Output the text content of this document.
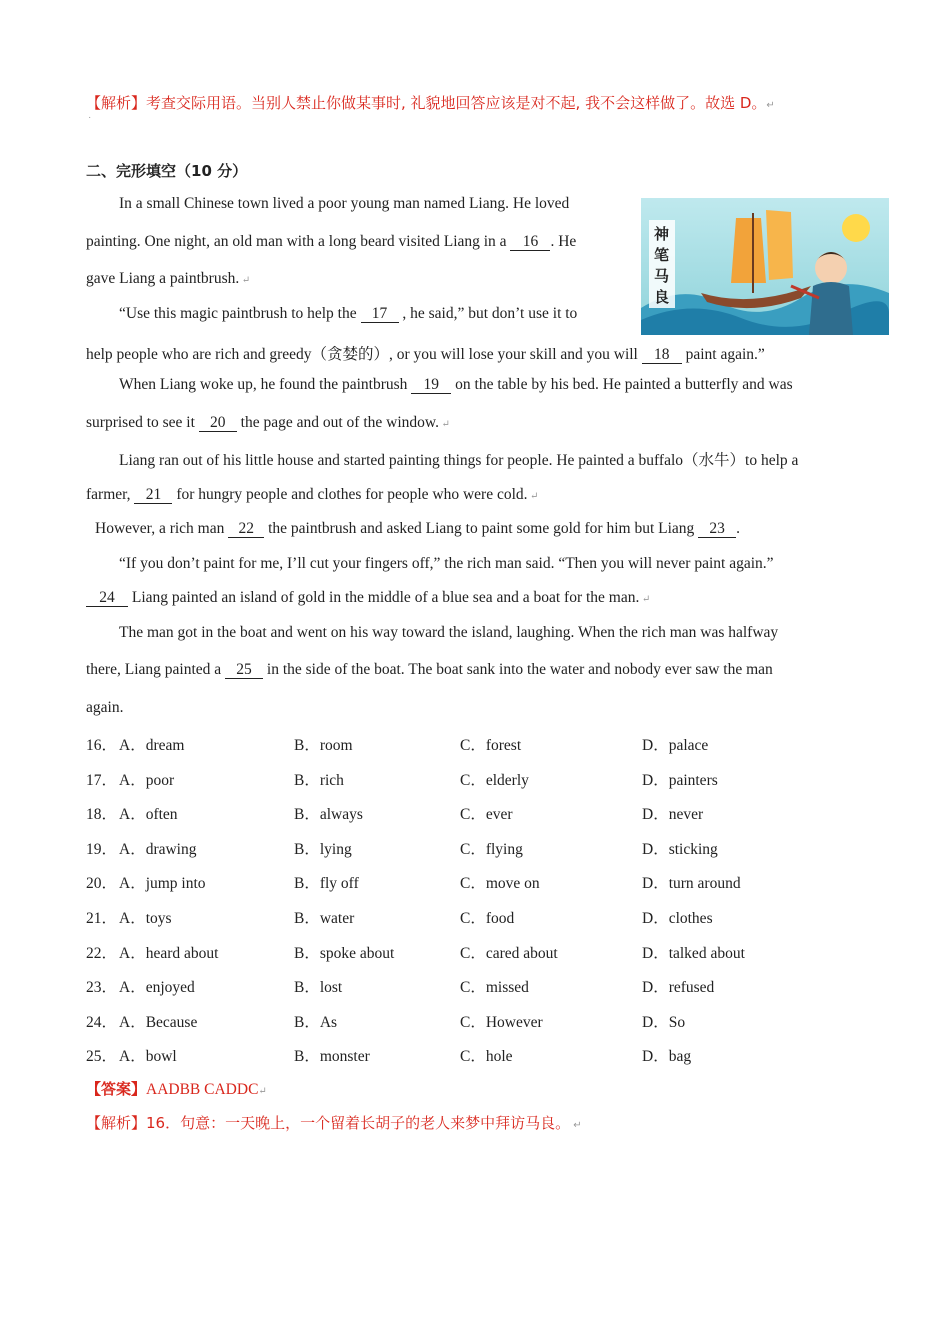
【解析】考查交际用语。当别人禁止你做某事时, 礼貌地回答应该是对不起, 我不会这样做了。故选 D。↵
˙
二、完形填空（10 分）
In a small Chinese town lived a poor young man named Liang. He loved
painting. One night, an old man with a long beard visited Liang in a 16 . He
gave Liang a paintbrush. ↵
“Use this magic paintbrush to help the 17 , he said,” but don’t use it to
help people who are rich and greedy（贪婪的）, or you will lose your skill and you will 18 paint again.”
When Liang woke up, he found the paintbrush 19 on the table by his bed. He painted a butterfly and was
surprised to see it 20 the page and out of the window. ↵
Liang ran out of his little house and started painting things for people. He painted a buffalo（水牛）to help a
farmer, 21 for hungry people and clothes for people who were cold. ↵
However, a rich man 22 the paintbrush and asked Liang to paint some gold for him but Liang 23 .
“If you don’t paint for me, I’ll cut your fingers off,” the rich man said. “Then you will never paint again.”
24 Liang painted an island of gold in the middle of a blue sea and a boat for the man. ↵
The man got in the boat and went on his way toward the island, laughing. When the rich man was halfway
there, Liang painted a 25 in the side of the boat. The boat sank into the water and nobody ever saw the man
again.
神笔马良
16． A．dream	B．room	C．forest	D．palace
17． A．poor	B．rich	C．elderly	D．painters
18． A．often	B．always	C．ever	D．never
19． A．drawing	B．lying	C．flying	D．sticking
20． A．jump into	B．fly off	C．move on	D．turn around
21． A．toys	B．water	C．food	D．clothes
22． A．heard about	B．spoke about	C．cared about	D．talked about
23． A．enjoyed	B．lost	C．missed	D．refused
24． A．Because	B．As	C．However	D．So
25． A．bowl	B．monster	C．hole	D．bag
【答案】AADBB CADDC↵
【解析】16．句意：一天晚上，一个留着长胡子的老人来梦中拜访马良。 ↵
